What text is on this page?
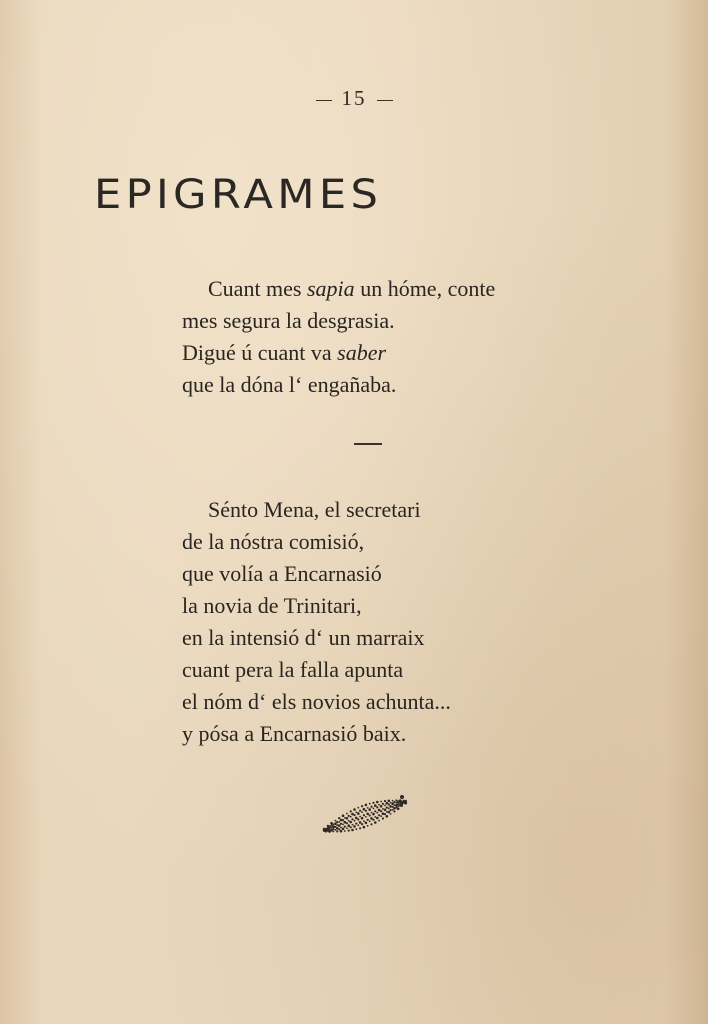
15
EPIGRAMES
Cuant mes sapia un hóme, conte
mes segura la desgrasia.
Digué ú cuant va saber
que la dóna l‘ engañaba.
Sénto Mena, el secretari
de la nóstra comisió,
que volía a Encarnasió
la novia de Trinitari,
en la intensió d‘ un marraix
cuant pera la falla apunta
el nóm d‘ els novios achunta...
y pósa a Encarnasió baix.
